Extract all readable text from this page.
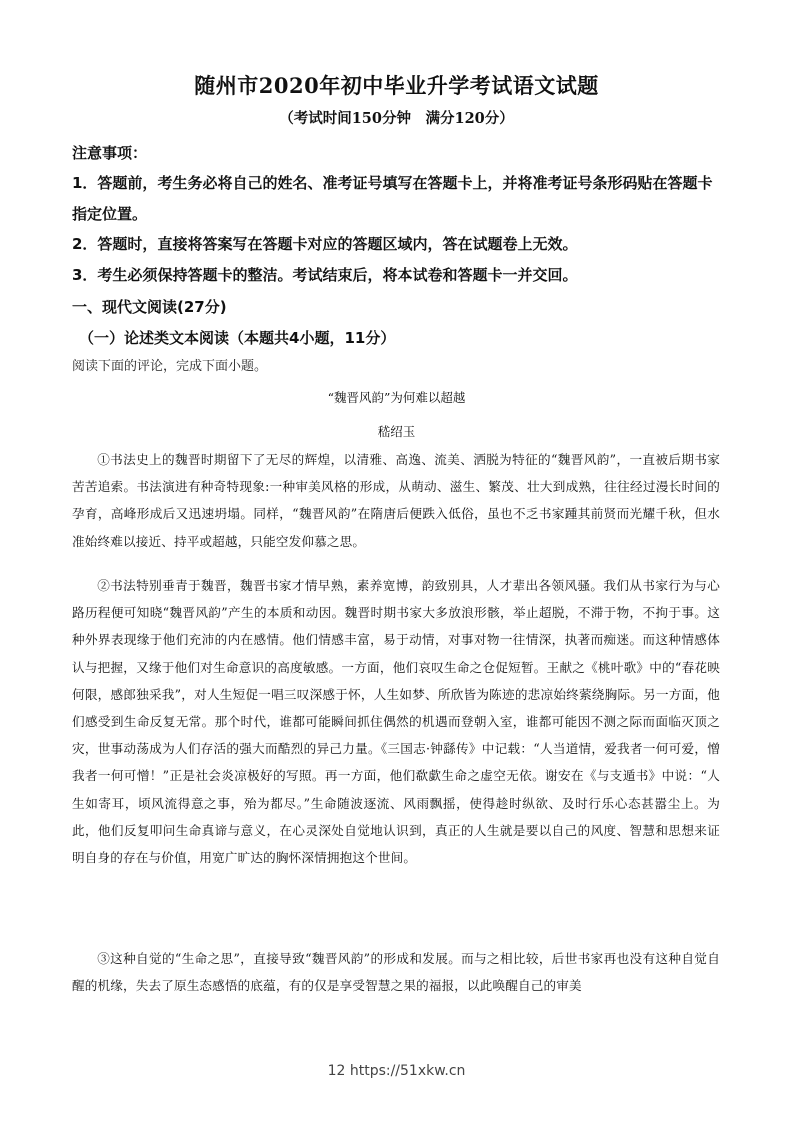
随州市2020年初中毕业升学考试语文试题
（考试时间150分钟　满分120分）
注意事项：
1．答题前，考生务必将自己的姓名、准考证号填写在答题卡上，并将准考证号条形码贴在答题卡指定位置。
2．答题时，直接将答案写在答题卡对应的答题区域内，答在试题卷上无效。
3．考生必须保持答题卡的整洁。考试结束后，将本试卷和答题卡一并交回。
一、现代文阅读(27分)
（一）论述类文本阅读（本题共4小题，11分）
阅读下面的评论，完成下面小题。
“魏晋风韵”为何难以超越
嵇绍玉
①书法史上的魏晋时期留下了无尽的辉煌，以清雅、高逸、流美、洒脱为特征的“魏晋风韵”，一直被后期书家苦苦追索。书法演进有种奇特现象:一种审美风格的形成，从萌动、滋生、繁茂、壮大到成熟，往往经过漫长时间的孕育，高峰形成后又迅速坍塌。同样，“魏晋风韵”在隋唐后便跌入低俗，虽也不乏书家踵其前贤而光耀千秋，但水准始终难以接近、持平或超越，只能空发仰慕之思。
②书法特别垂青于魏晋，魏晋书家才情早熟，素养宽博，韵致别具，人才辈出各领风骚。我们从书家行为与心路历程便可知晓“魏晋风韵”产生的本质和动因。魏晋时期书家大多放浪形骸，举止超脱，不滞于物，不拘于事。这种外界表现缘于他们充沛的内在感情。他们情感丰富，易于动情，对事对物一往情深，执著而痴迷。而这种情感体认与把握，又缘于他们对生命意识的高度敏感。一方面，他们哀叹生命之仓促短暂。王献之《桃叶歌》中的“春花映何限，感郎独采我”，对人生短促一唱三叹深感于怀，人生如梦、所欣皆为陈迹的悲凉始终萦绕胸际。另一方面，他们感受到生命反复无常。那个时代，谁都可能瞬间抓住偶然的机遇而登朝入室，谁都可能因不测之际而面临灭顶之灾，世事动荡成为人们存活的强大而酷烈的异己力量。《三国志·钟繇传》中记载：“人当道情，爱我者一何可爱，憎我者一何可憎！”正是社会炎凉极好的写照。再一方面，他们欷歔生命之虚空无依。谢安在《与支遁书》中说：“人生如寄耳，顷风流得意之事，殆为都尽。”生命随波逐流、风雨飘摇，使得趁时纵欲、及时行乐心态甚嚣尘上。为此，他们反复叩问生命真谛与意义，在心灵深处自觉地认识到，真正的人生就是要以自己的风度、智慧和思想来证明自身的存在与价值，用宽广旷达的胸怀深情拥抱这个世间。
③这种自觉的“生命之思”，直接导致“魏晋风韵”的形成和发展。而与之相比较，后世书家再也没有这种自觉自醒的机缘，失去了原生态感悟的底蕴，有的仅是享受智慧之果的福报，以此唤醒自己的审美
12 https://51xkw.cn
